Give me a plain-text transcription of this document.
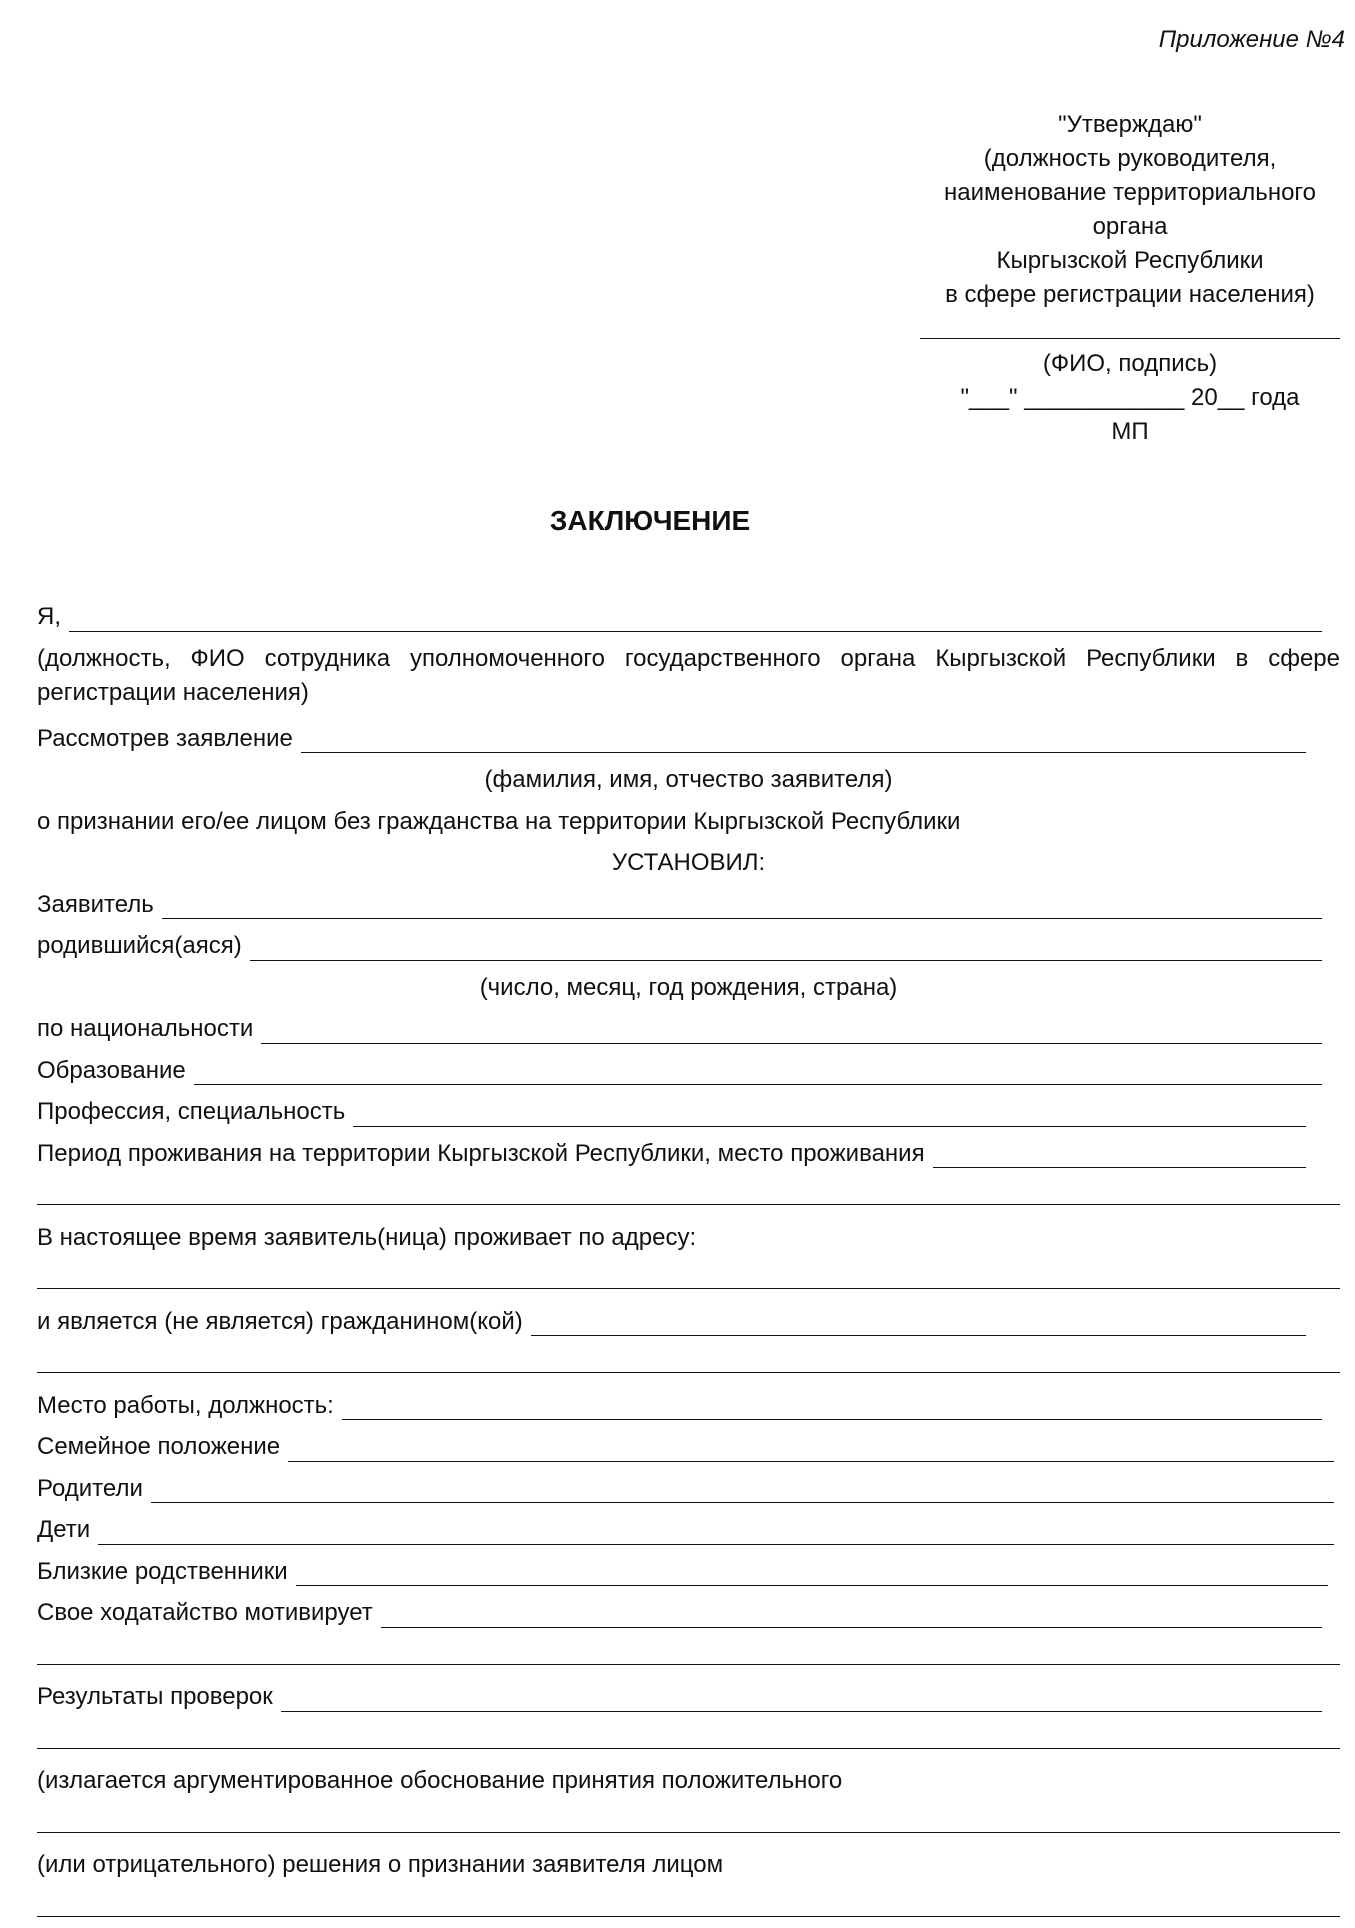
Приложение №4
"Утверждаю"
(должность руководителя,
наименование территориального
органа
Кыргызской Республики
в сфере регистрации населения)
(ФИО, подпись)
"___" ____________ 20__ года
МП
ЗАКЛЮЧЕНИЕ
Я,
(должность, ФИО сотрудника уполномоченного государственного органа Кыргызской Республики в сфере
регистрации населения)
Рассмотрев заявление
(фамилия, имя, отчество заявителя)
о признании его/ее лицом без гражданства на территории Кыргызской Республики
УСТАНОВИЛ:
Заявитель
родившийся(аяся)
(число, месяц, год рождения, страна)
по национальности
Образование
Профессия, специальность
Период проживания на территории Кыргызской Республики, место проживания
В настоящее время заявитель(ница) проживает по адресу:
и является (не является) гражданином(кой)
Место работы, должность:
Семейное положение
Родители
Дети
Близкие родственники
Свое ходатайство мотивирует
Результаты проверок
(излагается аргументированное обоснование принятия положительного
(или отрицательного) решения о признании заявителя лицом
